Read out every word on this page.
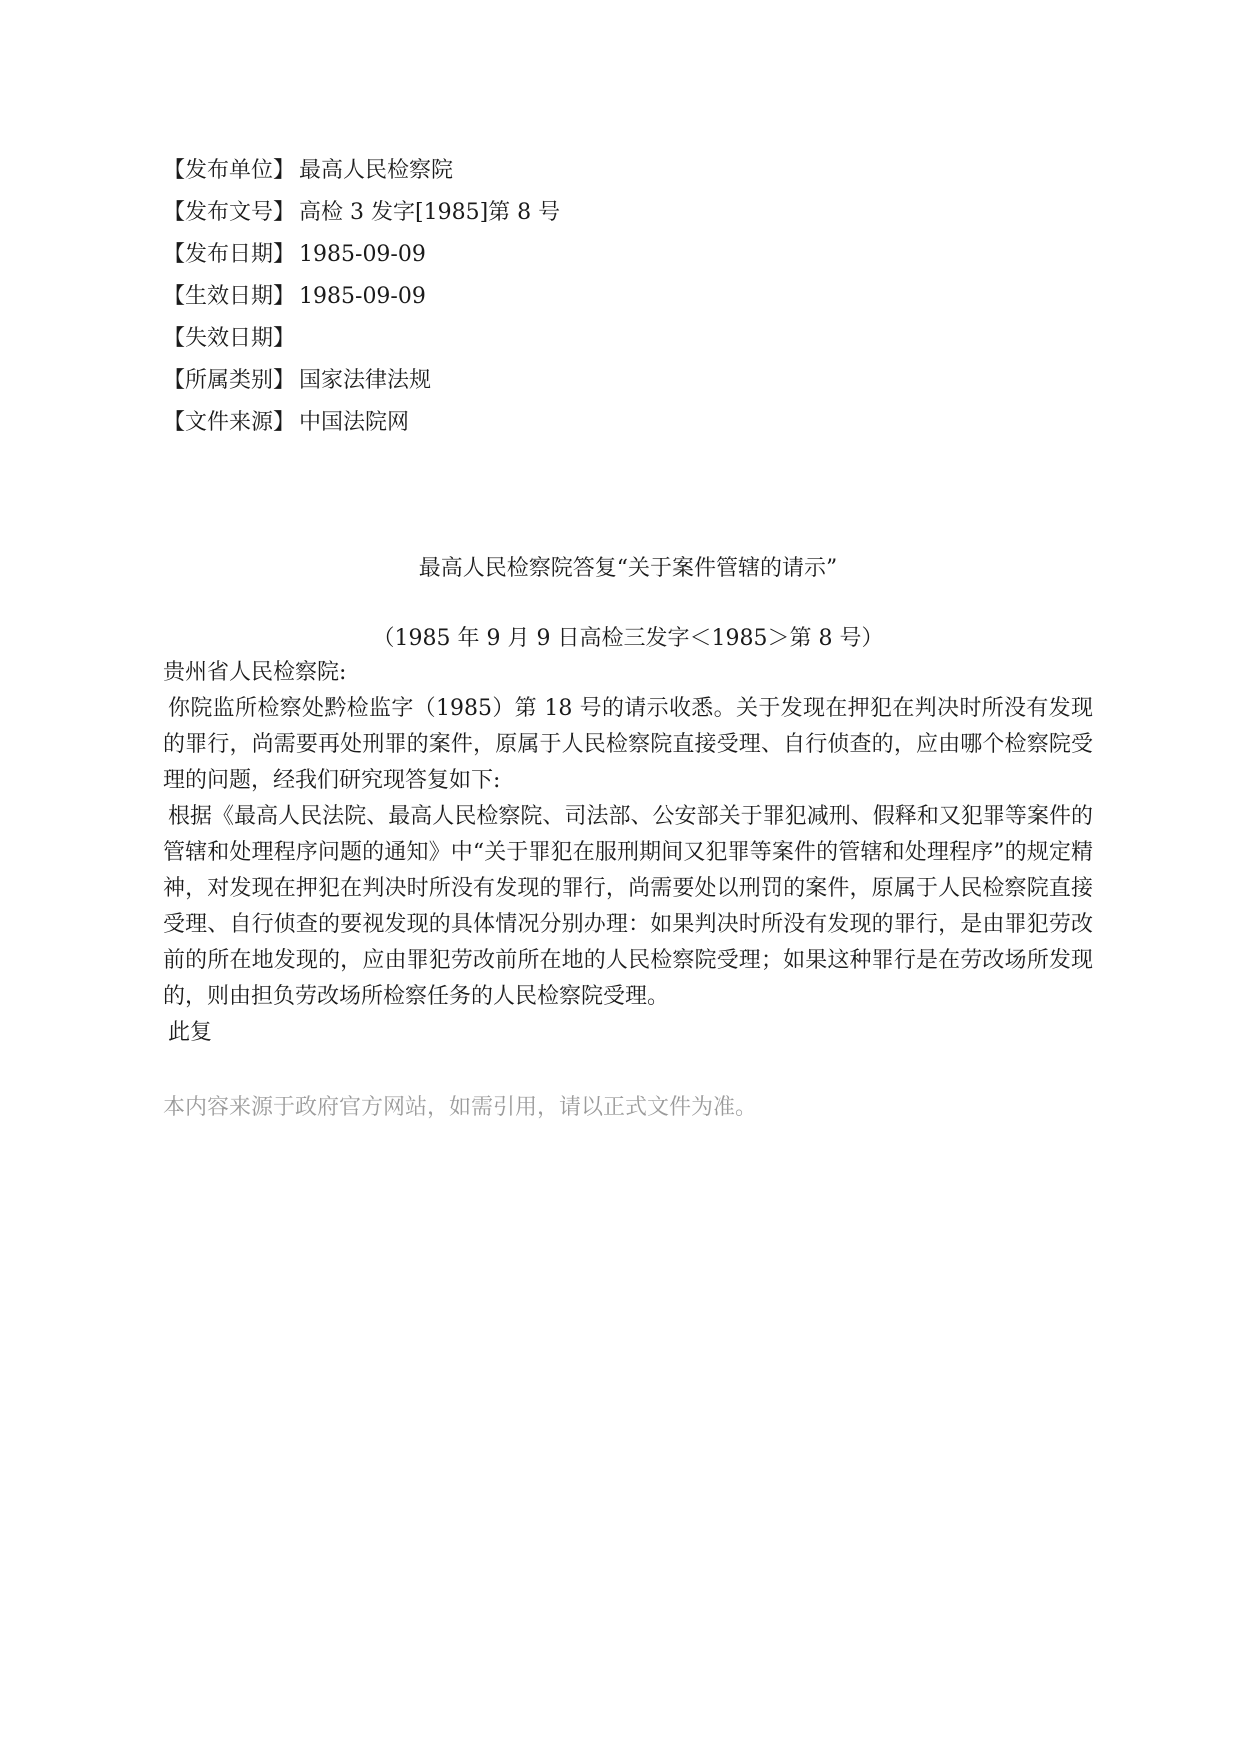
【发布单位】 最高人民检察院
【发布文号】 高检 3 发字[1985]第 8 号
【发布日期】 1985-09-09
【生效日期】 1985-09-09
【失效日期】
【所属类别】 国家法律法规
【文件来源】 中国法院网
最高人民检察院答复“关于案件管辖的请示”
（1985 年 9 月 9 日高检三发字＜1985＞第 8 号）

贵州省人民检察院:

你院监所检察处黔检监字（1985）第 18 号的请示收悉。关于发现在押犯在判决时所没有发现的罪行，尚需要再处刑罪的案件，原属于人民检察院直接受理、自行侦查的，应由哪个检察院受理的问题，经我们研究现答复如下:

根据《最高人民法院、最高人民检察院、司法部、公安部关于罪犯减刑、假释和又犯罪等案件的管辖和处理程序问题的通知》中“关于罪犯在服刑期间又犯罪等案件的管辖和处理程序”的规定精神，对发现在押犯在判决时所没有发现的罪行，尚需要处以刑罚的案件，原属于人民检察院直接受理、自行侦查的要视发现的具体情况分别办理：如果判决时所没有发现的罪行，是由罪犯劳改前的所在地发现的，应由罪犯劳改前所在地的人民检察院受理；如果这种罪行是在劳改场所发现的，则由担负劳改场所检察任务的人民检察院受理。

此复

本内容来源于政府官方网站，如需引用，请以正式文件为准。
